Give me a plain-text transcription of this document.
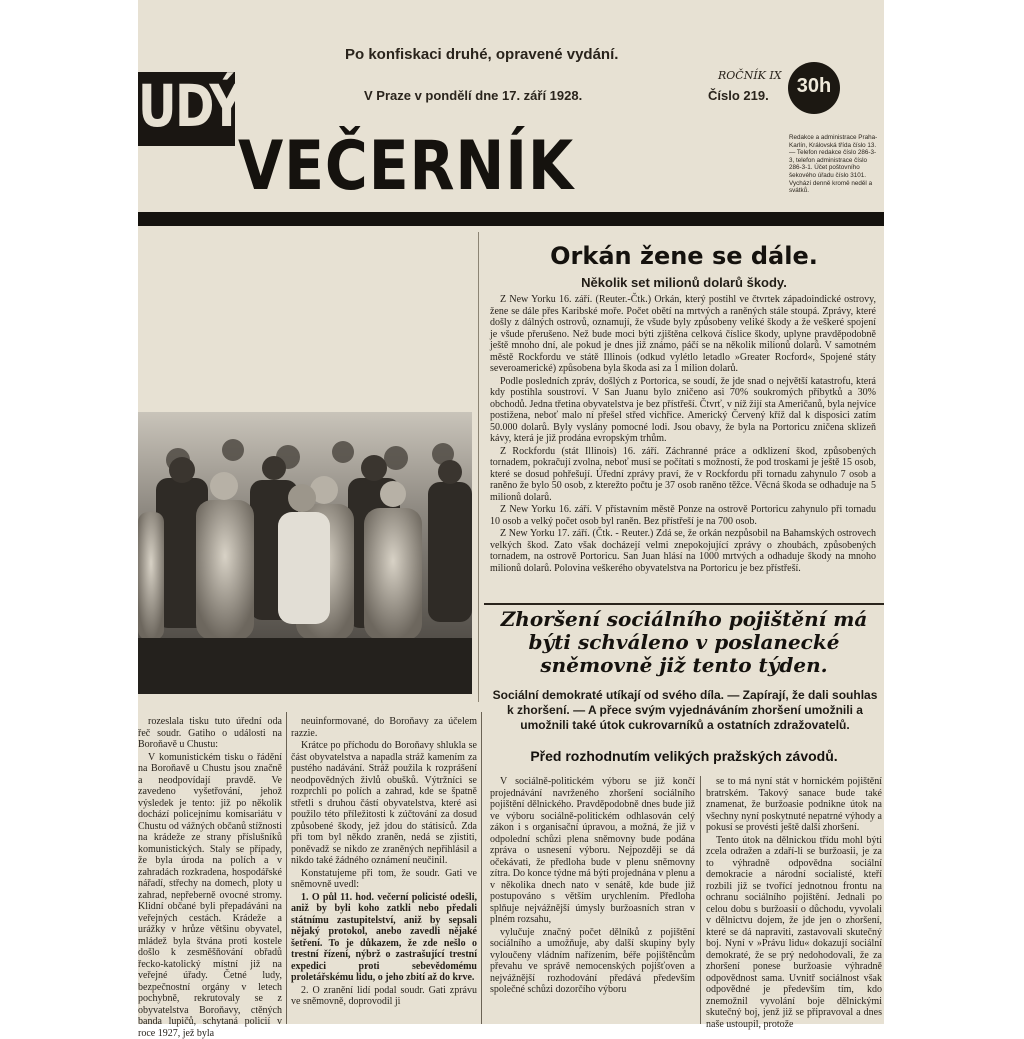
Po konfiskaci druhé, opravené vydání.
ROČNÍK IX 30h
V Praze v pondělí dne 17. září 1928.	Číslo 219.
UDÝ
VEČERNÍK	Redakce a administrace Praha-Karlín, Královská třída číslo 13. — Telefon redakce číslo 286-3-3, telefon administrace číslo 286-3-1. Účet poštovního šekového úřadu číslo 3101. Vychází denně kromě neděl a svátků.
Orkán žene se dále.
Několik set milionů dolarů škody.

Z New Yorku 16. září. (Reuter.-Čtk.) Orkán, který postihl ve čtvrtek západoindické ostrovy, žene se dále přes Karibské moře. Počet obětí na mrtvých a raněných stále stoupá. Zprávy, které došly z dálných ostrovů, oznamují, že všude byly způsobeny veliké škody a že veškeré spojení je všude přerušeno. Než bude moci býti zjištěna celková číslice škody, uplyne pravděpodobně ještě mnoho dní, ale pokud je dnes již známo, páčí se na několik milionů dolarů. V samotném městě Rockfordu ve státě Illinois (odkud vylétlo letadlo »Greater Rocford«, Spojené státy severoamerické) způsobena byla škoda asi za 1 milion dolarů.

Podle posledních zpráv, došlých z Portorica, se soudí, že jde snad o největší katastrofu, která kdy postihla soustroví. V San Juanu bylo zničeno asi 70% soukromých příbytků a 30% obchodů. Jedna třetina obyvatelstva je bez přístřeší. Čtvrť, v níž žijí sta Američanů, byla nejvíce postižena, neboť malo ní přešel střed vichřice. Americký Červený kříž dal k disposici zatím 50.000 dolarů. Byly vyslány pomocné lodi. Jsou obavy, že byla na Portoricu zničena sklizeň kávy, která je již prodána evropským trhům.

Z Rockfordu (stát Illinois) 16. září. Záchranné práce a odklizení škod, způsobených tornadem, pokračují zvolna, neboť musí se počítati s možností, že pod troskami je ještě 15 osob, které se dosud pohřešují. Úřední zprávy praví, že v Rockfordu při tornadu zahynulo 7 osob a raněno že bylo 50 osob, z kterežto počtu je 37 osob raněno těžce. Věcná škoda se odhaduje na 5 milionů dolarů.

Z New Yorku 16. září. V přístavním městě Ponze na ostrově Portoricu zahynulo při tornadu 10 osob a velký počet osob byl raněn. Bez přístřeší je na 700 osob.

Z New Yorku 17. září. (Čtk. - Reuter.) Zdá se, že orkán nezpůsobil na Bahamských ostrovech velkých škod. Zato však docházejí velmi znepokojující zprávy o zhoubách, způsobených tornadem, na ostrově Portoricu. San Juan hlásí na 1000 mrtvých a odhaduje škody na mnoho milionů dolarů. Polovina veškerého obyvatelstva na Portoricu je bez přístřeší.

Zhoršení sociálního pojištění má býti schváleno v poslanecké sněmovně již tento týden.
Sociální demokraté utíkají od svého díla. — Zapírají, že dali souhlas k zhoršení. — A přece svým vyjednáváním zhoršení umožnili a umožnili také útok cukrovarníků a ostatních zdražovatelů.
Před rozhodnutím velikých pražských závodů.

V sociálně-politickém výboru se již končí projednávání navrženého zhoršení sociálního pojištění dělnického. Pravděpodobně dnes bude již ve výboru sociálně-politickém odhlasován celý zákon i s organisační úpravou, a možná, že již v odpolední schůzi plena sněmovny bude podána zpráva o usnesení výboru. Nejpozději se dá očekávati, že předloha bude v plenu sněmovny zítra. Do konce týdne má býti projednána v plenu a v několika dnech nato v senátě, kde bude již postupováno s větším urychlením. Předloha splňuje nejvážnější úmysly buržoasních stran v plném rozsahu,

vylučuje značný počet dělníků z pojištění sociálního a umožňuje, aby další skupiny byly vyloučeny vládním nařízením, béře pojištěncům převahu ve správě nemocenských pojišťoven a nejvážnější rozhodování předává především společné schůzi dozorčího výboru

se to má nyní stát v hornickém pojištění bratrském. Takový sanace bude také znamenat, že buržoasie podnikne útok na všechny nyní poskytnuté nepatrné výhody a pokusí se provésti ještě další zhoršení.

Tento útok na dělnickou třídu mohl býti zcela odražen a zdaří-li se buržoasii, je za to výhradně odpovědna sociální demokracie a národní socialisté, kteří rozbili již se tvořící jednotnou frontu na ochranu sociálního pojištění. Jednali po celou dobu s buržoasií o důchodu, vyvolali v dělnictvu dojem, že jde jen o zhoršení, které se dá napraviti, zastavovali skutečný boj. Nyní v »Právu lidu« dokazují sociální demokraté, že se prý nedohodovali, že za zhoršení ponese buržoasie výhradně odpovědnost sama. Uvnitř sociálnost však odpovědné je především tím, kdo znemožnil vyvolání boje dělnickými skutečný boj, jenž již se připravoval a dnes naše ustoupil, protože

rozeslala tisku tuto úřední oda řeč soudr. Gatiho o události na Boroňavě u Chustu:

V komunistickém tisku o řádění na Boroňavě u Chustu jsou značně a neodpovídají pravdě. Ve zavedeno vyšetřování, jehož výsledek je tento: již po několik dochází policejnímu komisariátu v Chustu od vážných občanů stížnosti na krádeže ze strany příslušníků komunistických. Staly se případy, že byla úroda na polích a v zahradách rozkradena, hospodářské nářadí, střechy na domech, ploty u zahrad, nepřeberně ovocné stromy. Klidní občané byli přepadáváni na veřejných cestách. Krádeže a urážky v hrůze většinu obyvatel, mládež byla štvána proti kostele došlo k zesměšňování obřadů řecko-katolický místní již na veřejné úřady. Četné ludy, bezpečnostní orgány v letech pochybně, rekrutovaly se z obyvatelstva Boroňavy, ctěných banda lupičů, schytaná policií v roce 1927, jež byla

neuinformované, do Boroňavy za účelem razzie.

Krátce po příchodu do Boroňavy shlukla se část obyvatelstva a napadla stráž kamením za pustého nadávání. Stráž použila k rozprášení neodpovědných živlů obušků. Výtržníci se rozprchli po polích a zahrad, kde se špatně střetli s druhou částí obyvatelstva, které asi použilo této příležitosti k zúčtování za dosud způsobené škody, jež jdou do státisíců. Zda při tom byl někdo zraněn, nedá se zjistiti, poněvadž se nikdo ze zraněných nepřihlásil a nikdo také žádného oznámení neučinil.

Konstatujeme při tom, že soudr. Gati ve sněmovně uvedl:

1. O půl 11. hod. večerní policisté odešli, aniž by byli koho zatkli nebo předali státnímu zastupitelství, aniž by sepsali nějaký protokol, anebo zavedli nějaké šetření. To je důkazem, že zde nešlo o trestní řízení, nýbrž o zastrašující trestní expedici proti sebevědomému proletářskému lidu, o jeho zbití až do krve.

2. O zranění lidí podal soudr. Gati zprávu ve sněmovně, doprovodil ji
